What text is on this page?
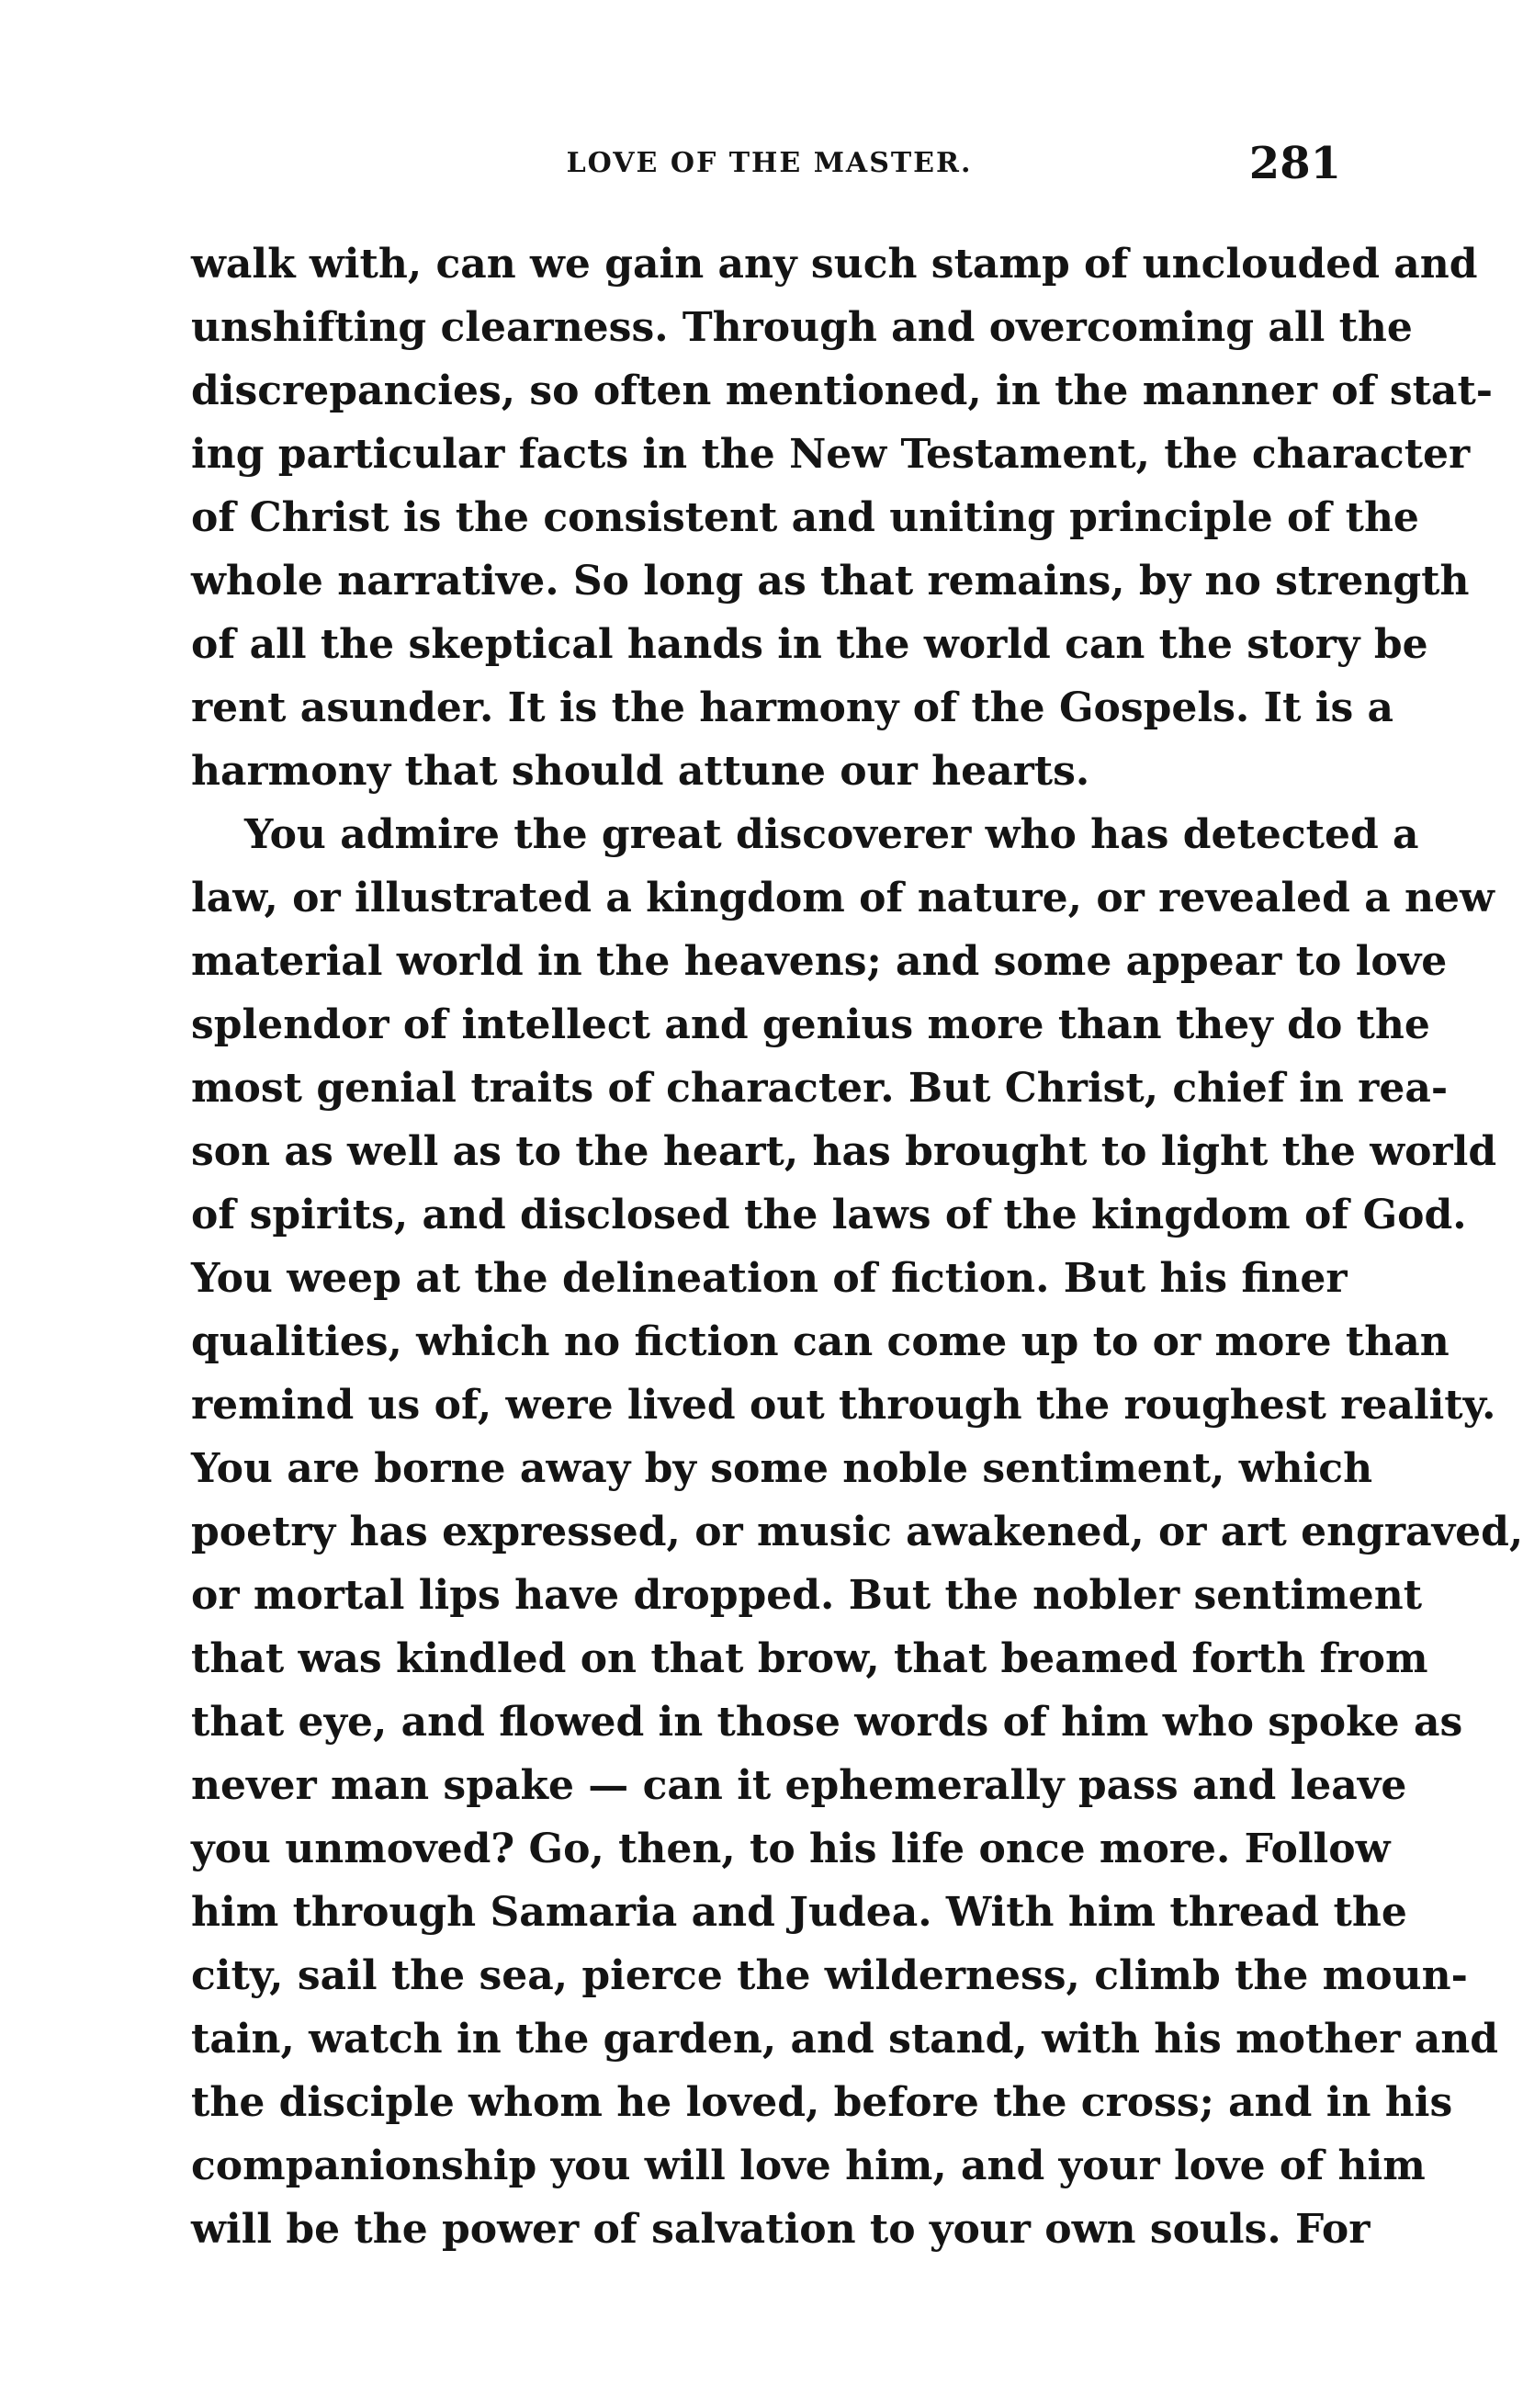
LOVE OF THE MASTER.	281
walk with, can we gain any such stamp of unclouded and
unshifting clearness. Through and overcoming all the
discrepancies, so often mentioned, in the manner of stat-
ing particular facts in the New Testament, the character
of Christ is the consistent and uniting principle of the
whole narrative. So long as that remains, by no strength
of all the skeptical hands in the world can the story be
rent asunder. It is the harmony of the Gospels. It is a
harmony that should attune our hearts.
You admire the great discoverer who has detected a
law, or illustrated a kingdom of nature, or revealed a new
material world in the heavens; and some appear to love
splendor of intellect and genius more than they do the
most genial traits of character. But Christ, chief in rea-
son as well as to the heart, has brought to light the world
of spirits, and disclosed the laws of the kingdom of God.
You weep at the delineation of fiction. But his finer
qualities, which no fiction can come up to or more than
remind us of, were lived out through the roughest reality.
You are borne away by some noble sentiment, which
poetry has expressed, or music awakened, or art engraved,
or mortal lips have dropped. But the nobler sentiment
that was kindled on that brow, that beamed forth from
that eye, and flowed in those words of him who spoke as
never man spake — can it ephemerally pass and leave
you unmoved? Go, then, to his life once more. Follow
him through Samaria and Judea. With him thread the
city, sail the sea, pierce the wilderness, climb the moun-
tain, watch in the garden, and stand, with his mother and
the disciple whom he loved, before the cross; and in his
companionship you will love him, and your love of him
will be the power of salvation to your own souls. For
